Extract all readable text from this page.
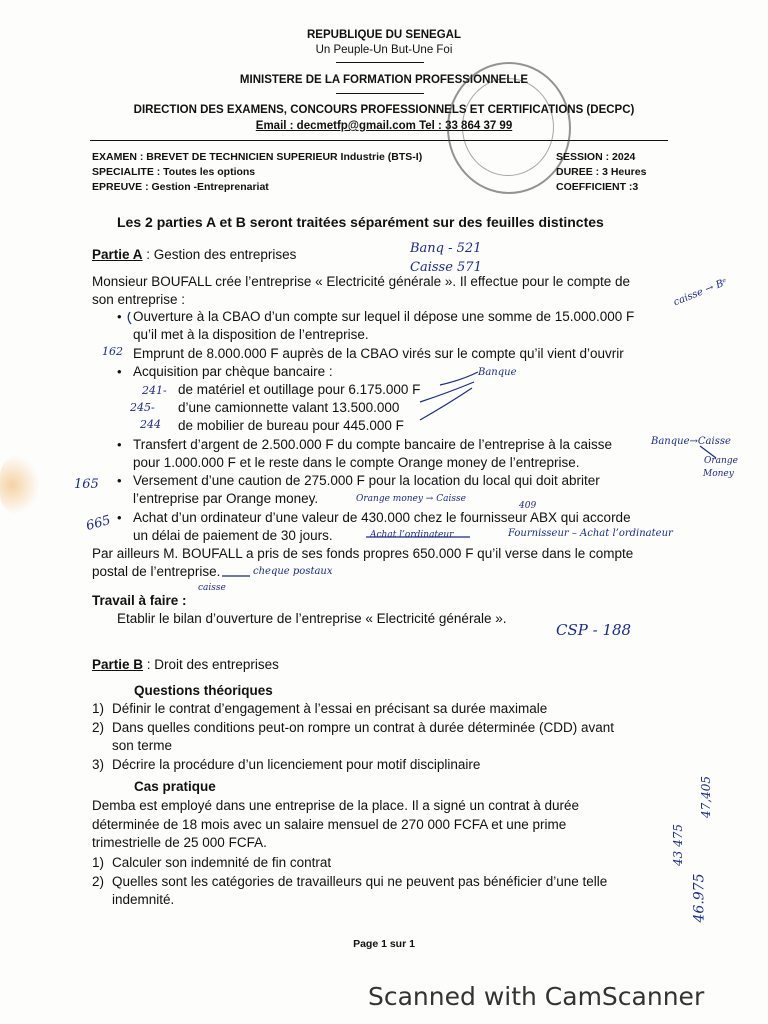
REPUBLIQUE DU SENEGAL
Un Peuple-Un But-Une Foi
MINISTERE DE LA FORMATION PROFESSIONNELLE
DIRECTION DES EXAMENS, CONCOURS PROFESSIONNELS ET CERTIFICATIONS (DECPC)
Email : decmetfp@gmail.com Tel : 33 864 37 99
EXAMEN : BREVET DE TECHNICIEN SUPERIEUR Industrie (BTS-I)
SPECIALITE : Toutes les options
EPREUVE : Gestion -Entreprenariat
SESSION : 2024
DUREE : 3 Heures
COEFFICIENT :3
Les 2 parties A et B seront traitées séparément sur des feuilles distinctes
Partie A : Gestion des entreprises
Monsieur BOUFALL crée l’entreprise « Electricité générale ». Il effectue pour le compte de
son entreprise :
• Ouverture à la CBAO d’un compte sur lequel il dépose une somme de 15.000.000 F
qu’il met à la disposition de l’entreprise.
Emprunt de 8.000.000 F auprès de la CBAO virés sur le compte qu’il vient d’ouvrir
• Acquisition par chèque bancaire :
de matériel et outillage pour 6.175.000 F
d’une camionnette valant 13.500.000
de mobilier de bureau pour 445.000 F
• Transfert d’argent de 2.500.000 F du compte bancaire de l’entreprise à la caisse
pour 1.000.000 F et le reste dans le compte Orange money de l’entreprise.
• Versement d’une caution de 275.000 F pour la location du local qui doit abriter
l’entreprise par Orange money.
• Achat d’un ordinateur d’une valeur de 430.000 chez le fournisseur ABX qui accorde
un délai de paiement de 30 jours.
Par ailleurs M. BOUFALL a pris de ses fonds propres 650.000 F qu’il verse dans le compte
postal de l’entreprise.
Travail à faire :
Etablir le bilan d’ouverture de l’entreprise « Electricité générale ».
Partie B : Droit des entreprises
Questions théoriques
1) Définir le contrat d’engagement à l’essai en précisant sa durée maximale
2) Dans quelles conditions peut-on rompre un contrat à durée déterminée (CDD) avant
son terme
3) Décrire la procédure d’un licenciement pour motif disciplinaire
Cas pratique
Demba est employé dans une entreprise de la place. Il a signé un contrat à durée
déterminée de 18 mois avec un salaire mensuel de 270 000 FCFA et une prime
trimestrielle de 25 000 FCFA.
1) Calculer son indemnité de fin contrat
2) Quelles sont les catégories de travailleurs qui ne peuvent pas bénéficier d’une telle
indemnité.
Page 1 sur 1
Scanned with CamScanner
Banq - 521
Caisse 571
caisse → Bᵉ
162
Banque
241-
245-
244
Banque→Caisse
Orange
Money
165
Orange money → Caisse
409
665
Achat l’ordinateur	Fournisseur – Achat l’ordinateur
cheque postaux
caisse
CSP - 188
47,405
43 475
46.975
